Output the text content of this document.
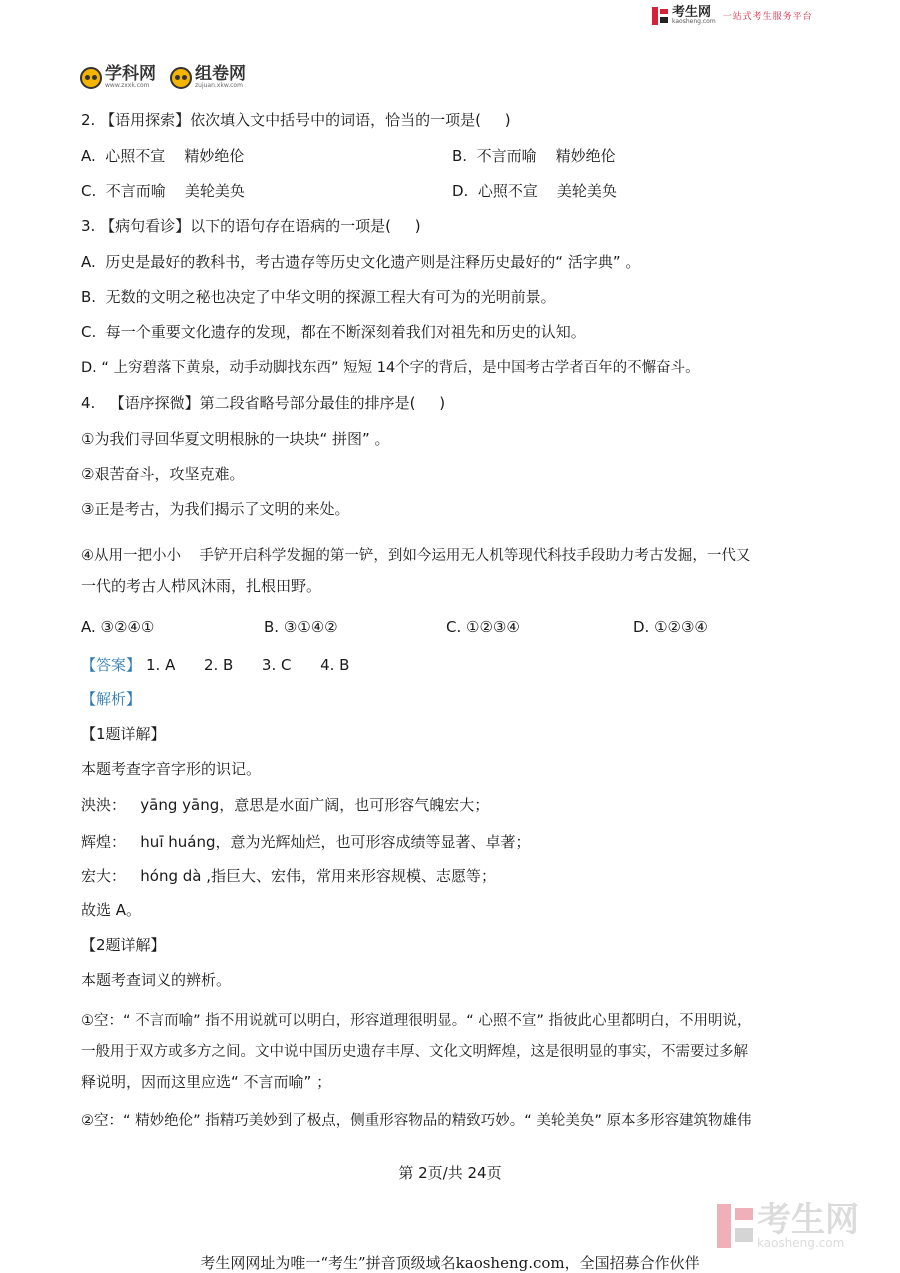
考生网
kaosheng.com 一站式考生服务平台
学科网
www.zxxk.com
组卷网
zujuan.xkw.com
2. 【语用探索】依次填入文中括号中的词语，恰当的一项是(     )
A.  心照不宣    精妙绝伦	B.  不言而喻    精妙绝伦
C.  不言而喻    美轮美奂	D.  心照不宣    美轮美奂
3. 【病句看诊】以下的语句存在语病的一项是(     )
A.  历史是最好的教科书，考古遗存等历史文化遗产则是注释历史最好的“ 活字典” 。
B.  无数的文明之秘也决定了中华文明的探源工程大有可为的光明前景。
C.  每一个重要文化遗存的发现，都在不断深刻着我们对祖先和历史的认知。
D. “ 上穷碧落下黄泉，动手动脚找东西” 短短 14个字的背后，是中国考古学者百年的不懈奋斗。
4.   【语序探微】第二段省略号部分最佳的排序是(     )
①为我们寻回华夏文明根脉的一块块“ 拼图” 。
②艰苦奋斗，攻坚克难。
③正是考古，为我们揭示了文明的来处。
④从用一把小小    手铲开启科学发掘的第一铲，到如今运用无人机等现代科技手段助力考古发掘，一代又
一代的考古人栉风沐雨，扎根田野。
A. ③②④①	B. ③①④②	C. ①②③④	D. ①②③④
【答案】 1. A      2. B      3. C      4. B
【解析】
【1题详解】
本题考查字音字形的识记。
泱泱：   yāng yāng，意思是水面广阔，也可形容气魄宏大；
辉煌：   huī huáng，意为光辉灿烂，也可形容成绩等显著、卓著；
宏大：   hóng dà ,指巨大、宏伟，常用来形容规模、志愿等；
故选 A。
【2题详解】
本题考查词义的辨析。
①空：“ 不言而喻” 指不用说就可以明白，形容道理很明显。“ 心照不宣” 指彼此心里都明白，不用明说，
一般用于双方或多方之间。文中说中国历史遗存丰厚、文化文明辉煌，这是很明显的事实，不需要过多解
释说明，因而这里应选“ 不言而喻” ；
②空：“ 精妙绝伦” 指精巧美妙到了极点，侧重形容物品的精致巧妙。“ 美轮美奂” 原本多形容建筑物雄伟
第 2页/共 24页
考生网
kaosheng.com
考生网网址为唯一“考生”拼音顶级域名kaosheng.com，全国招募合作伙伴
